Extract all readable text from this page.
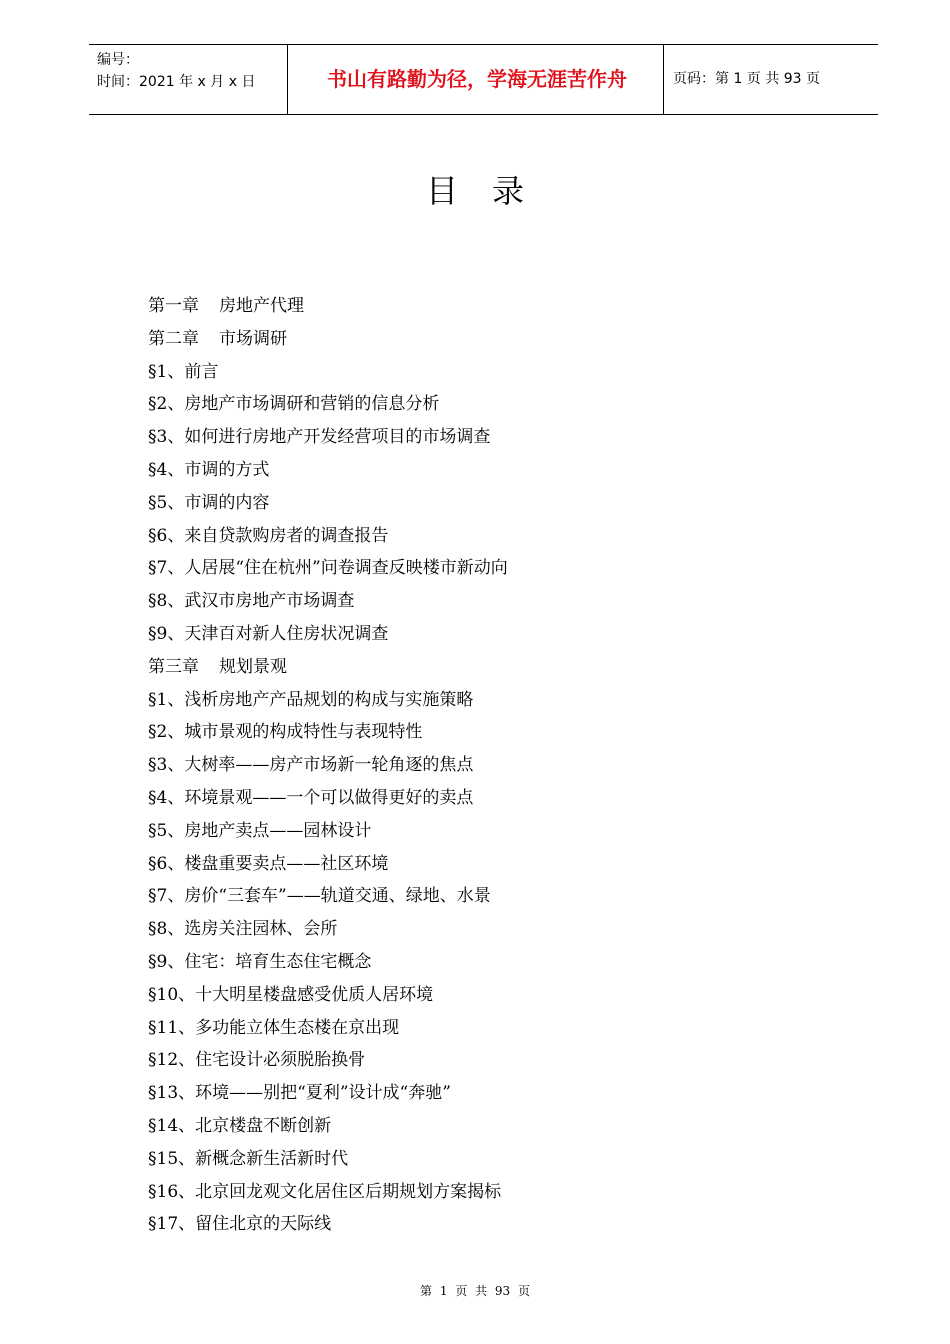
编号：
时间：2021 年 x 月 x 日	书山有路勤为径，学海无涯苦作舟	页码：第 1 页 共 93 页
目录
第一章 房地产代理
第二章 市场调研
§1、前言
§2、房地产市场调研和营销的信息分析
§3、如何进行房地产开发经营项目的市场调查
§4、市调的方式
§5、市调的内容
§6、来自贷款购房者的调查报告
§7、人居展“住在杭州”问卷调查反映楼市新动向
§8、武汉市房地产市场调查
§9、天津百对新人住房状况调查
第三章 规划景观
§1、浅析房地产产品规划的构成与实施策略
§2、城市景观的构成特性与表现特性
§3、大树率——房产市场新一轮角逐的焦点
§4、环境景观——一个可以做得更好的卖点
§5、房地产卖点——园林设计
§6、楼盘重要卖点——社区环境
§7、房价“三套车”——轨道交通、绿地、水景
§8、选房关注园林、会所
§9、住宅：培育生态住宅概念
§10、十大明星楼盘感受优质人居环境
§11、多功能立体生态楼在京出现
§12、住宅设计必须脱胎换骨
§13、环境——别把“夏利”设计成“奔驰”
§14、北京楼盘不断创新
§15、新概念新生活新时代
§16、北京回龙观文化居住区后期规划方案揭标
§17、留住北京的天际线
第 1 页 共 93 页
